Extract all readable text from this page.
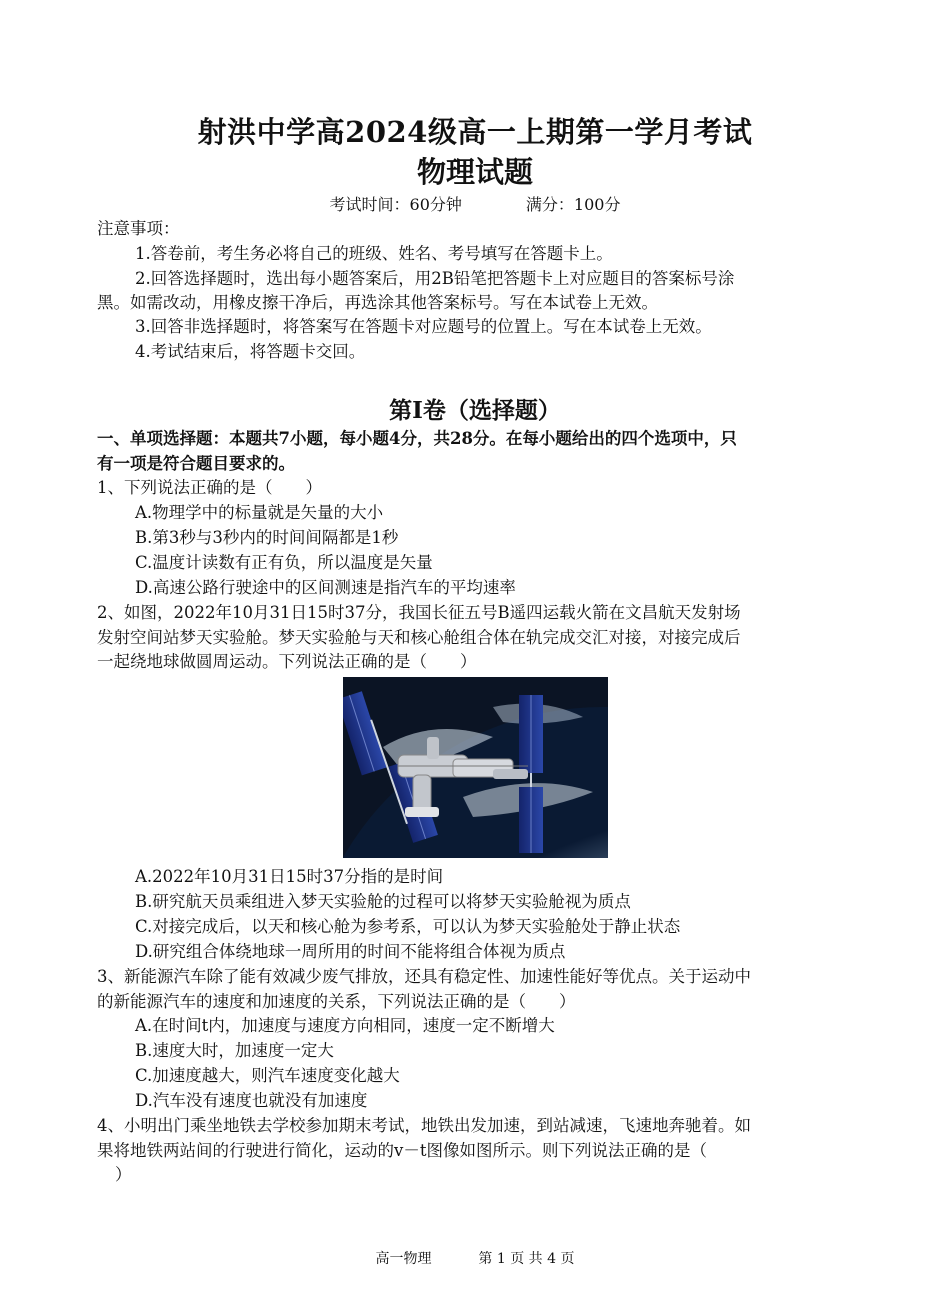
射洪中学高2024级高一上期第一学月考试
物理试题
考试时间：60分钟	满分：100分
注意事项：
1.答卷前，考生务必将自己的班级、姓名、考号填写在答题卡上。
2.回答选择题时，选出每小题答案后，用2B铅笔把答题卡上对应题目的答案标号涂
黑。如需改动，用橡皮擦干净后，再选涂其他答案标号。写在本试卷上无效。
3.回答非选择题时，将答案写在答题卡对应题号的位置上。写在本试卷上无效。
4.考试结束后，将答题卡交回。
第I卷（选择题）
一、单项选择题：本题共7小题，每小题4分，共28分。在每小题给出的四个选项中，只
有一项是符合题目要求的。
1、下列说法正确的是（　　）
A.物理学中的标量就是矢量的大小
B.第3秒与3秒内的时间间隔都是1秒
C.温度计读数有正有负，所以温度是矢量
D.高速公路行驶途中的区间测速是指汽车的平均速率
2、如图，2022年10月31日15时37分，我国长征五号B遥四运载火箭在文昌航天发射场
发射空间站梦天实验舱。梦天实验舱与天和核心舱组合体在轨完成交汇对接，对接完成后
一起绕地球做圆周运动。下列说法正确的是（　　）
A.2022年10月31日15时37分指的是时间
B.研究航天员乘组进入梦天实验舱的过程可以将梦天实验舱视为质点
C.对接完成后，以天和核心舱为参考系，可以认为梦天实验舱处于静止状态
D.研究组合体绕地球一周所用的时间不能将组合体视为质点
3、新能源汽车除了能有效减少废气排放，还具有稳定性、加速性能好等优点。关于运动中
的新能源汽车的速度和加速度的关系，下列说法正确的是（　　）
A.在时间t内，加速度与速度方向相同，速度一定不断增大
B.速度大时，加速度一定大
C.加速度越大，则汽车速度变化越大
D.汽车没有速度也就没有加速度
4、小明出门乘坐地铁去学校参加期末考试，地铁出发加速，到站减速，飞速地奔驰着。如
果将地铁两站间的行驶进行简化，运动的v－t图像如图所示。则下列说法正确的是（
）
高一物理	第 1 页 共 4 页
